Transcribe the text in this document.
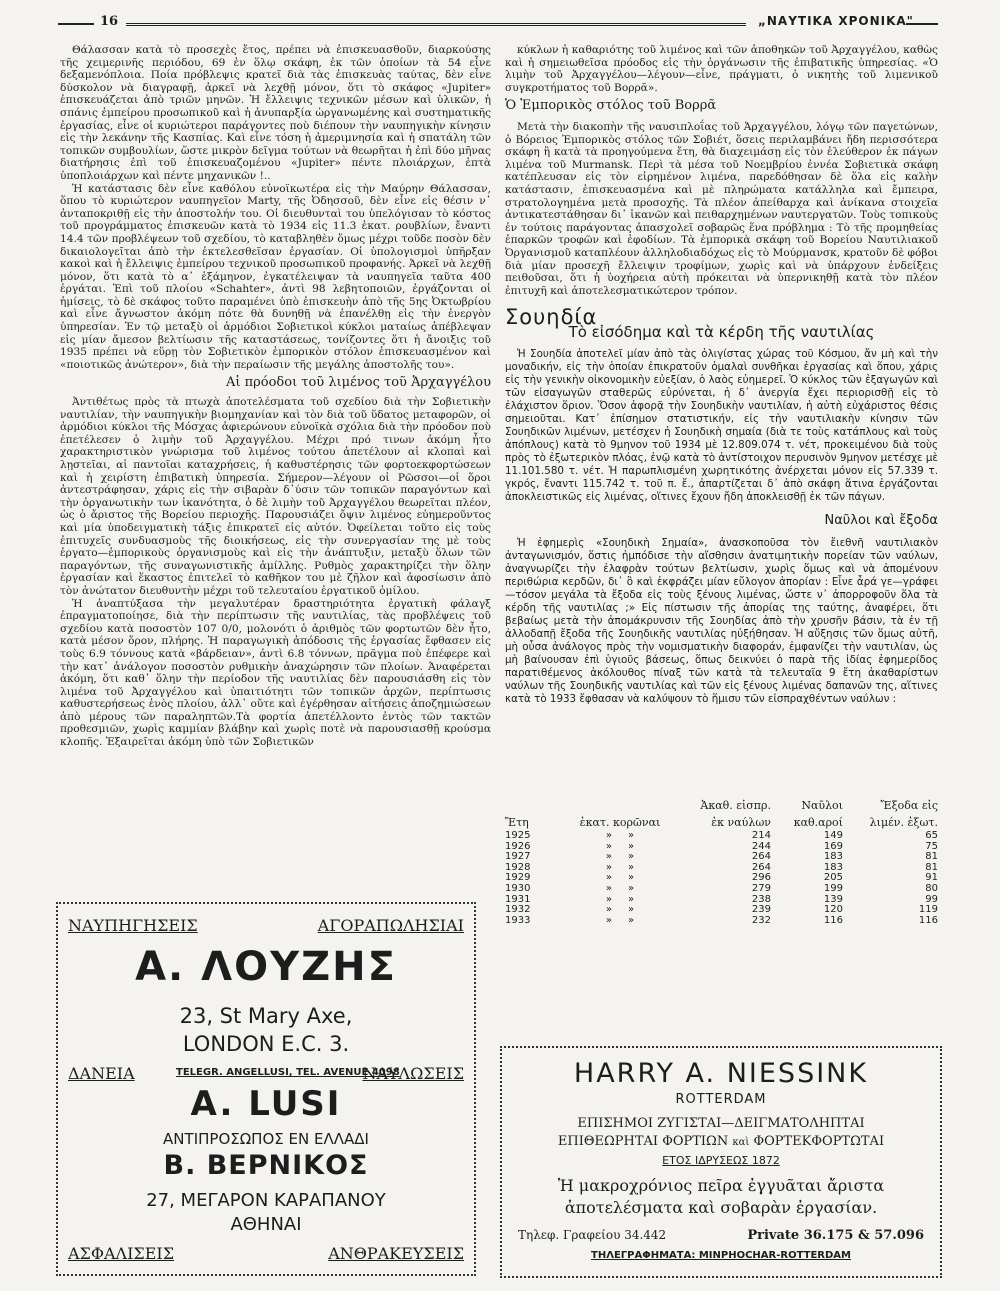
16	„ΝΑΥΤΙΚΑ ΧΡΟΝΙΚΑ"

Θάλασσαν κατὰ τὸ προσεχὲς ἔτος, πρέπει νὰ ἐπισκευασθοῦν, διαρκούσης τῆς χειμερινῆς περιόδου, 69 ἐν ὅλῳ σκάφη, ἐκ τῶν ὁποίων τὰ 54 εἶνε δεξαμενόπλοια. Ποία πρόβλεψις κρατεῖ διὰ τὰς ἐπισκευὰς ταύτας, δὲν εἶνε δύσκολον νὰ διαγραφῇ, ἀρκεῖ νὰ λεχθῇ μόνον, ὅτι τὸ σκάφος «Jupiter» ἐπισκευάζεται ἀπὸ τριῶν μηνῶν. Ἡ ἔλλειψις τεχνικῶν μέσων καὶ ὑλικῶν, ἡ σπάνις ἐμπείρου προσωπικοῦ καὶ ἡ ἀνυπαρξία ὠργανωμένης καὶ συστηματικῆς ἐργασίας, εἶνε οἱ κυριώτεροι παράγοντες ποὺ διέπουν τὴν ναυπηγικὴν κίνησιν εἰς τὴν λεκάνην τῆς Κασπίας. Καὶ εἶνε τόση ἡ ἀμεριμνησία καὶ ἡ σπατάλη τῶν τοπικῶν συμβουλίων, ὥστε μικρὸν δεῖγμα τούτων νὰ θεωρῆται ἡ ἐπὶ δύο μῆνας διατήρησις ἐπὶ τοῦ ἐπισκευαζομένου «Jupiter» πέντε πλοιάρχων, ἑπτὰ ὑποπλοιάρχων καὶ πέντε μηχανικῶν !..

Ἡ κατάστασις δὲν εἶνε καθόλου εὐνοϊκωτέρα εἰς τὴν Μαύρην Θάλασσαν, ὅπου τὸ κυριώτερον ναυπηγεῖον Marty, τῆς Ὀδησσοῦ, δὲν εἶνε εἰς θέσιν ν᾽ ἀνταποκριθῇ εἰς τὴν ἀποστολήν του. Οἱ διευθυνταὶ του ὑπελόγισαν τὸ κόστος τοῦ προγράμματος ἐπισκευῶν κατὰ τὸ 1934 εἰς 11.3 ἑκατ. ρουβλίων, ἔναντι 14.4 τῶν προβλέψεων τοῦ σχεδίου, τὸ καταβληθὲν ὅμως μέχρι τοῦδε ποσὸν δὲν δικαιολογεῖται ἀπὸ τὴν ἐκτελεσθεῖσαν ἐργασίαν. Οἱ ὑπολογισμοὶ ὑπῆρξαν κακοὶ καὶ ἡ ἔλλειψις ἐμπείρου τεχνικοῦ προσωπικοῦ προφανής. Ἀρκεῖ νὰ λεχθῇ μόνον, ὅτι κατὰ τὸ α᾽ ἑξάμηνον, ἐγκατέλειψαν τὰ ναυπηγεῖα ταῦτα 400 ἐργάται. Ἐπὶ τοῦ πλοίου «Schahter», ἀντὶ 98 λεβητοποιῶν, ἐργάζονται οἱ ἡμίσεις, τὸ δὲ σκάφος τοῦτο παραμένει ὑπὸ ἐπισκευὴν ἀπὸ τῆς 5ης Ὀκτωβρίου καὶ εἶνε ἄγνωστον ἀκόμη πότε θὰ δυνηθῇ νὰ ἐπανέλθῃ εἰς τὴν ἐνεργὸν ὑπηρεσίαν. Ἐν τῷ μεταξὺ οἱ ἁρμόδιοι Σοβιετικοὶ κύκλοι ματαίως ἀπέβλεψαν εἰς μίαν ἄμεσον βελτίωσιν τῆς καταστάσεως, τονίζοντες ὅτι ἡ ἄνοιξις τοῦ 1935 πρέπει νὰ εὕρῃ τὸν Σοβιετικὸν ἐμπορικὸν στόλον ἐπισκευασμένον καὶ «ποιοτικῶς ἀνώτερον», διὰ τὴν περαίωσιν τῆς μεγάλης ἀποστολῆς του».

Αἱ πρόοδοι τοῦ λιμένος τοῦ Ἀρχαγγέλου

Ἀντιθέτως πρὸς τὰ πτωχὰ ἀποτελέσματα τοῦ σχεδίου διὰ τὴν Σοβιετικὴν ναυτιλίαν, τὴν ναυπηγικὴν βιομηχανίαν καὶ τὸν διὰ τοῦ ὕδατος μεταφορῶν, οἱ ἁρμόδιοι κύκλοι τῆς Μόσχας ἀφιερώνουν εὐνοϊκὰ σχόλια διὰ τὴν πρόοδον ποὺ ἐπετέλεσεν ὁ λιμὴν τοῦ Ἀρχαγγέλου. Μέχρι πρό τινων ἀκόμη ἦτο χαρακτηριστικὸν γνώρισμα τοῦ λιμένος τούτου ἀπετέλουν αἱ κλοπαὶ καὶ λῃστεῖαι, αἱ παντοῖαι καταχρήσεις, ἡ καθυστέρησις τῶν φορτοεκφορτώσεων καὶ ἡ χειρίστη ἐπιβατικὴ ὑπηρεσία. Σήμερον—λέγουν οἱ Ρῶσσοι—οἱ ὅροι ἀντεστράφησαν, χάρις εἰς τὴν σιβαρὰν δ᾽ύσιν τῶν τοπικῶν παραγόντων καὶ τὴν ὀργανωτικὴν των ἱκανότητα, ὁ δὲ λιμὴν τοῦ Ἀρχαγγέλου θεωρεῖται πλέον, ὡς ὁ ἄριστος τῆς Βορείου περιοχῆς. Παρουσιάζει ὄψιν λιμένος εὐημεροῦντος καὶ μία ὑποδειγματικὴ τάξις ἐπικρατεῖ εἰς αὐτόν. Ὀφείλεται τοῦτο εἰς τοὺς ἐπιτυχεῖς συνδυασμοὺς τῆς διοικήσεως, εἰς τὴν συνεργασίαν της μὲ τοὺς ἐργατο—ἐμπορικοὺς ὀργανισμοὺς καὶ εἰς τὴν ἀνάπτυξιν, μεταξὺ ὅλων τῶν παραγόντων, τῆς συναγωνιστικῆς ἁμίλλης. Ρυθμὸς χαρακτηρίζει τὴν ὅλην ἐργασίαν καὶ ἕκαστος ἐπιτελεῖ τὸ καθῆκον του μὲ ζῆλον καὶ ἀφοσίωσιν ἀπὸ τὸν ἀνώτατον διευθυντὴν μέχρι τοῦ τελευταίου ἐργατικοῦ ὁμίλου.

Ἡ ἀναπτύξασα τὴν μεγαλυτέραν δραστηριότητα ἐργατικὴ φάλαγξ ἐπραγματοποίησε, διὰ τὴν περίπτωσιν τῆς ναυτιλίας, τὰς προβλέψεις τοῦ σχεδίου κατὰ ποσοστὸν 107 0/0, μολονότι ὁ ἀριθμὸς τῶν φορτωτῶν δὲν ἦτο, κατὰ μέσον ὅρον, πλήρης. Ἡ παραγωγικὴ ἀπόδοσις τῆς ἐργασίας ἔφθασεν εἰς τοὺς 6.9 τόννους κατὰ «βάρδειαν», ἀντὶ 6.8 τόννων, πρᾶγμα ποὺ ἐπέφερε καὶ τὴν κατ᾽ ἀνάλογον ποσοστὸν ρυθμικὴν ἀναχώρησιν τῶν πλοίων. Ἀναφέρεται ἀκόμη, ὅτι καθ᾽ ὅλην τὴν περίοδον τῆς ναυτιλίας δὲν παρουσιάσθη εἰς τὸν λιμένα τοῦ Ἀρχαγγέλου καὶ ὑπαιτιότητι τῶν τοπικῶν ἀρχῶν, περίπτωσις καθυστερήσεως ἑνὸς πλοίου, ἀλλ᾽ οὔτε καὶ ἐγέρθησαν αἰτήσεις ἀποζημιώσεων ἀπὸ μέρους τῶν παραληπτῶν.Τὰ φορτία ἀπετέλλοντο ἐντὸς τῶν τακτῶν προθεσμιῶν, χωρὶς καμμίαν βλάβην καὶ χωρὶς ποτὲ νὰ παρουσιασθῇ κρούσμα κλοπῆς. Ἐξαιρεῖται ἀκόμη ὑπὸ τῶν Σοβιετικῶν

κύκλων ἡ καθαριότης τοῦ λιμένος καὶ τῶν ἀποθηκῶν τοῦ Ἀρχαγγέλου, καθὼς καὶ ἡ σημειωθεῖσα πρόοδος εἰς τὴν ὀργάνωσιν τῆς ἐπιβατικῆς ὑπηρεσίας. «Ὁ λιμὴν τοῦ Ἀρχαγγέλου—λέγουν—εἶνε, πράγματι, ὁ νικητὴς τοῦ λιμενικοῦ συγκροτήματος τοῦ Βορρᾶ».

Ὁ Ἐμπορικὸς στόλος τοῦ Βορρᾶ

Μετὰ τὴν διακοπὴν τῆς ναυσιπλοΐας τοῦ Ἀρχαγγέλου, λόγῳ τῶν παγετώνων, ὁ Βόρειος Ἐμπορικὸς στόλος τῶν Σοβιέτ, ὅσεις περιλαμβάνει ἤδη περισσότερα σκάφη ἢ κατὰ τὰ προηγούμενα ἔτη, θὰ διαχειμάσῃ εἰς τὸν ἐλεύθερον ἐκ πάγων λιμένα τοῦ Murmansk. Περὶ τὰ μέσα τοῦ Νοεμβρίου ἐννέα Σοβιετικὰ σκάφη κατέπλευσαν εἰς τὸν εἰρημένον λιμένα, παρεδόθησαν δὲ ὅλα εἰς καλὴν κατάστασιν, ἐπισκευασμένα καὶ μὲ πληρώματα κατάλληλα καὶ ἔμπειρα, στρατολογημένα μετὰ προσοχῆς. Τὰ πλέον ἀπείθαρχα καὶ ἀνίκανα στοιχεῖα ἀντικατεστάθησαν δι᾽ ἱκανῶν καὶ πειθαρχημένων ναυτεργατῶν. Τοὺς τοπικοὺς ἐν τούτοις παράγοντας ἀπασχολεῖ σοβαρῶς ἕνα πρόβλημα : Τὸ τῆς προμηθείας ἐπαρκῶν τροφῶν καὶ ἐφοδίων. Τὰ ἐμπορικὰ σκάφη τοῦ Βορείου Ναυτιλιακοῦ Ὀργανισμοῦ καταπλέουν ἀλληλοδιαδόχως εἰς τὸ Μούρμανσκ, κρατοῦν δὲ φόβοι διὰ μίαν προσεχῆ ἔλλειψιν τροφίμων, χωρὶς καὶ νὰ ὑπάρχουν ἐνδείξεις πειθοῦσαι, ὅτι ἡ ὑοχήρεια αὐτὴ πρόκειται νὰ ὑπερνικηθῇ κατὰ τὸν πλέον ἐπιτυχῆ καὶ ἀποτελεσματικώτερον τρόπον.

Σουηδία
Τὸ εἰσόδημα καὶ τὰ κέρδη τῆς ναυτιλίας

Ἡ Σουηδία ἀποτελεῖ μίαν ἀπὸ τὰς ὀλιγίστας χώρας τοῦ Κόσμου, ἄν μὴ καὶ τὴν μοναδικήν, εἰς τὴν ὁποίαν ἐπικρατοῦν ὁμαλαὶ συνθῆκαι ἐργασίας καὶ ὅπου, χάρις εἰς τὴν γενικὴν οἰκονομικὴν εὐεξίαν, ὁ λαὸς εὐημερεῖ. Ὁ κύκλος τῶν ἐξαγωγῶν καὶ τῶν εἰσαγωγῶν σταθερῶς εὐρύνεται, ἡ δ᾽ ἀνεργία ἔχει περιορισθῇ εἰς τὸ ἐλάχιστον ὅριον. Ὅσον ἀφορᾷ τὴν Σουηδικὴν ναυτιλίαν, ἡ αὐτὴ εὐχάριστος θέσις σημειοῦται. Κατ᾽ ἐπίσημον στατιστικήν, εἰς τὴν ναυτιλιακὴν κίνησιν τῶν Σουηδικῶν λιμένων, μετέσχεν ἡ Σουηδικὴ σημαία (διὰ τε τοὺς κατάπλους καὶ τοὺς ἀπόπλους) κατὰ τὸ 9μηνον τοῦ 1934 μὲ 12.809.074 τ. νέτ, προκειμένου διὰ τοὺς πρὸς τὸ ἐξωτερικὸν πλόας, ἐνῷ κατὰ τὸ ἀντίστοιχον περυσινὸν 9μηνον μετέσχε μὲ 11.101.580 τ. νέτ. Ἡ παρωπλισμένη χωρητικότης ἀνέρχεται μόνον εἰς 57.339 τ. γκρός, ἔναντι 115.742 τ. τοῦ π. ἔ., ἀπαρτίζεται δ᾽ ἀπὸ σκάφη ἅτινα ἐργάζονται ἀποκλειστικῶς εἰς λιμένας, οἵτινες ἔχουν ἤδη ἀποκλεισθῇ ἐκ τῶν πάγων.

Ναῦλοι καὶ ἔξοδα

Ἡ ἐφημερὶς «Σουηδικὴ Σημαία», ἀνασκοποῦσα τὸν ἔιεθνῆ ναυτιλιακὸν ἀνταγωνισμόν, ὅστις ἠμπόδισε τὴν αἴσθησιν ἀνατιμητικὴν πορείαν τῶν ναύλων, ἀναγνωρίζει τὴν ἐλαφρὰν τούτων βελτίωσιν, χωρὶς ὅμως καὶ νὰ ἀπομένουν περιθώρια κερδῶν, δι᾽ ὃ καὶ ἐκφράζει μίαν εὔλογον ἀπορίαν : Εἶνε ἆρά γε—γράφει—τόσον μεγάλα τὰ ἔξοδα εἰς τοὺς ξένους λιμένας, ὥστε ν᾽ ἀπορροφοῦν ὅλα τὰ κέρδη τῆς ναυτιλίας ;» Εἰς πίστωσιν τῆς ἀπορίας της ταύτης, ἀναφέρει, ὅτι βεβαίως μετὰ τὴν ἀπομάκρυνσιν τῆς Σουηδίας ἀπὸ τὴν χρυσῆν βάσιν, τὰ ἐν τῇ ἀλλοδαπῇ ἔξοδα τῆς Σουηδικῆς ναυτιλίας ηὐξήθησαν. Ἡ αὔξησις τῶν ὅμως αὐτῆ, μὴ οὖσα ἀνάλογος πρὸς τὴν νομισματικὴν διαφοράν, ἐμφανίζει τὴν ναυτιλίαν, ὡς μὴ βαίνουσαν ἐπὶ ὑγιοῦς βάσεως, ὅπως δεικνύει ὁ παρὰ τῆς ἰδίας ἐφημερίδος παρατιθέμενος ἀκόλουθος πίναξ τῶν κατὰ τὰ τελευταῖα 9 ἔτη ἀκαθαρίστων ναύλων τῆς Σουηδικῆς ναυτιλίας καὶ τῶν εἰς ξένους λιμένας δαπανῶν της, αἵτινες κατὰ τὸ 1933 ἔφθασαν νὰ καλύψουν τὸ ἥμισυ τῶν εἰσπραχθέντων ναύλων :

		Ἀκαθ. εἰσπρ.	Ναῦλοι	Ἔξοδα εἰς
Ἔτη	ἑκατ. κορῶναι	ἐκ ναύλων	καθ.αροί	λιμέν. ἐξωτ.
1925	» »	214	149	65
1926	» »	244	169	75
1927	» »	264	183	81
1928	» »	264	183	81
1929	» »	296	205	91
1930	» »	279	199	80
1931	» »	238	139	99
1932	» »	239	120	119
1933	» »	232	116	116
ΝΑΥΠΗΓΗΣΕΙΣ	ΑΓΟΡΑΠΩΛΗΣΙΑΙ
Α. ΛΟΥΖΗΣ
23, St Mary Axe,
LONDON E.C. 3.
ΔΑΝΕΙΑ	TELEGR. ANGELLUSI, TEL. AVENUE 4098
ΝΑΥΛΩΣΕΙΣ
A. LUSI
ΑΝΤΙΠΡΟΣΩΠΟΣ ΕΝ ΕΛΛΑΔΙ
Β. ΒΕΡΝΙΚΟΣ
27, ΜΕΓΑΡΟΝ ΚΑΡΑΠΑΝΟΥ
ΑΘΗΝΑΙ
ΑΣΦΑΛΙΣΕΙΣ	ΑΝΘΡΑΚΕΥΣΕΙΣ
HARRY A. NIESSINK
ROTTERDAM
ΕΠΙΣΗΜΟΙ ΖΥΓΙΣΤΑΙ—ΔΕΙΓΜΑΤΟΛΗΠΤΑΙ
ΕΠΙΘΕΩΡΗΤΑΙ ΦΟΡΤΙΩΝ καὶ ΦΟΡΤΕΚΦΟΡΤΩΤΑΙ
ΕΤΟΣ ΙΔΡΥΣΕΩΣ 1872
Ἡ μακροχρόνιος πεῖρα ἐγγυᾶται ἄριστα
ἀποτελέσματα καὶ σοβαρὰν ἐργασίαν.
Τηλεφ. Γραφείου 34.442	Private 36.175 & 57.096
ΤΗΛΕΓΡΑΦΗΜΑΤΑ: MINPHOCHAR-ROTTERDAM
